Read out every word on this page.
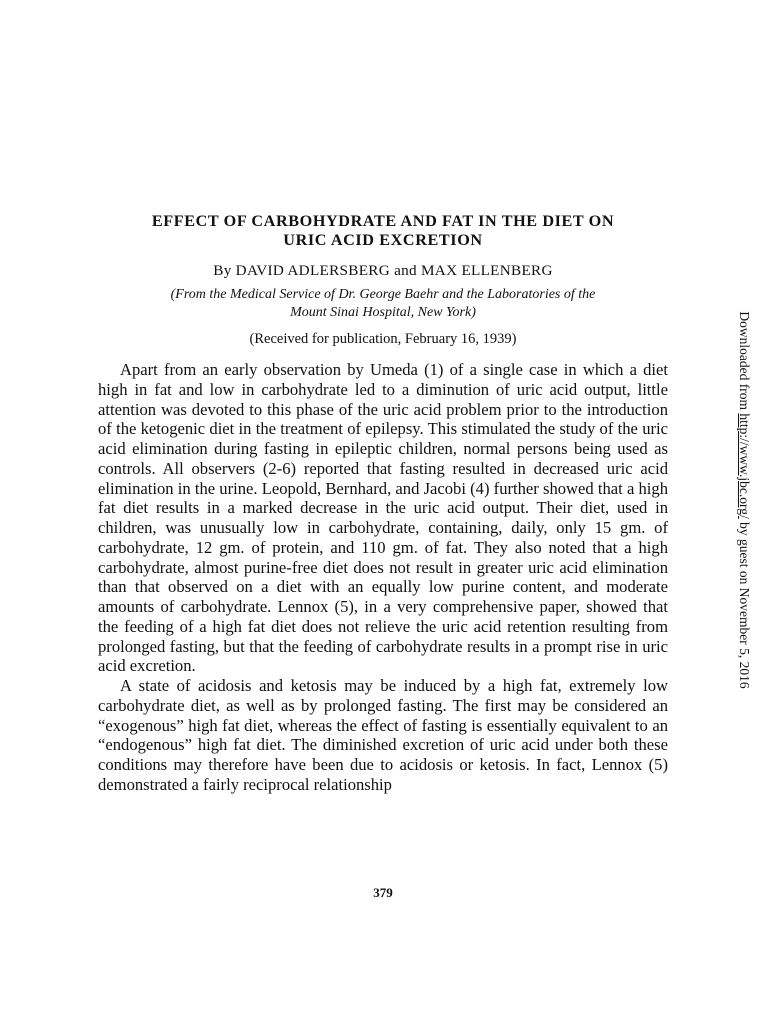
EFFECT OF CARBOHYDRATE AND FAT IN THE DIET ON
URIC ACID EXCRETION
By DAVID ADLERSBERG and MAX ELLENBERG
(From the Medical Service of Dr. George Baehr and the Laboratories of the
Mount Sinai Hospital, New York)
(Received for publication, February 16, 1939)

Apart from an early observation by Umeda (1) of a single case in which a diet high in fat and low in carbohydrate led to a diminution of uric acid output, little attention was devoted to this phase of the uric acid problem prior to the introduction of the ketogenic diet in the treatment of epilepsy. This stimulated the study of the uric acid elimination during fasting in epileptic children, normal persons being used as controls. All observers (2-6) reported that fasting resulted in decreased uric acid elimination in the urine. Leopold, Bernhard, and Jacobi (4) further showed that a high fat diet results in a marked decrease in the uric acid output. Their diet, used in children, was unusually low in carbohydrate, containing, daily, only 15 gm. of carbohydrate, 12 gm. of protein, and 110 gm. of fat. They also noted that a high carbohydrate, almost purine-free diet does not result in greater uric acid elimination than that observed on a diet with an equally low purine content, and moderate amounts of carbohydrate. Lennox (5), in a very comprehensive paper, showed that the feeding of a high fat diet does not relieve the uric acid retention resulting from prolonged fasting, but that the feeding of carbohydrate results in a prompt rise in uric acid excretion.

A state of acidosis and ketosis may be induced by a high fat, extremely low carbohydrate diet, as well as by prolonged fasting. The first may be considered an “exogenous” high fat diet, whereas the effect of fasting is essentially equivalent to an “endogenous” high fat diet. The diminished excretion of uric acid under both these conditions may therefore have been due to acidosis or ketosis. In fact, Lennox (5) demonstrated a fairly reciprocal relationship

379
Downloaded from http://www.jbc.org/ by guest on November 5, 2016
